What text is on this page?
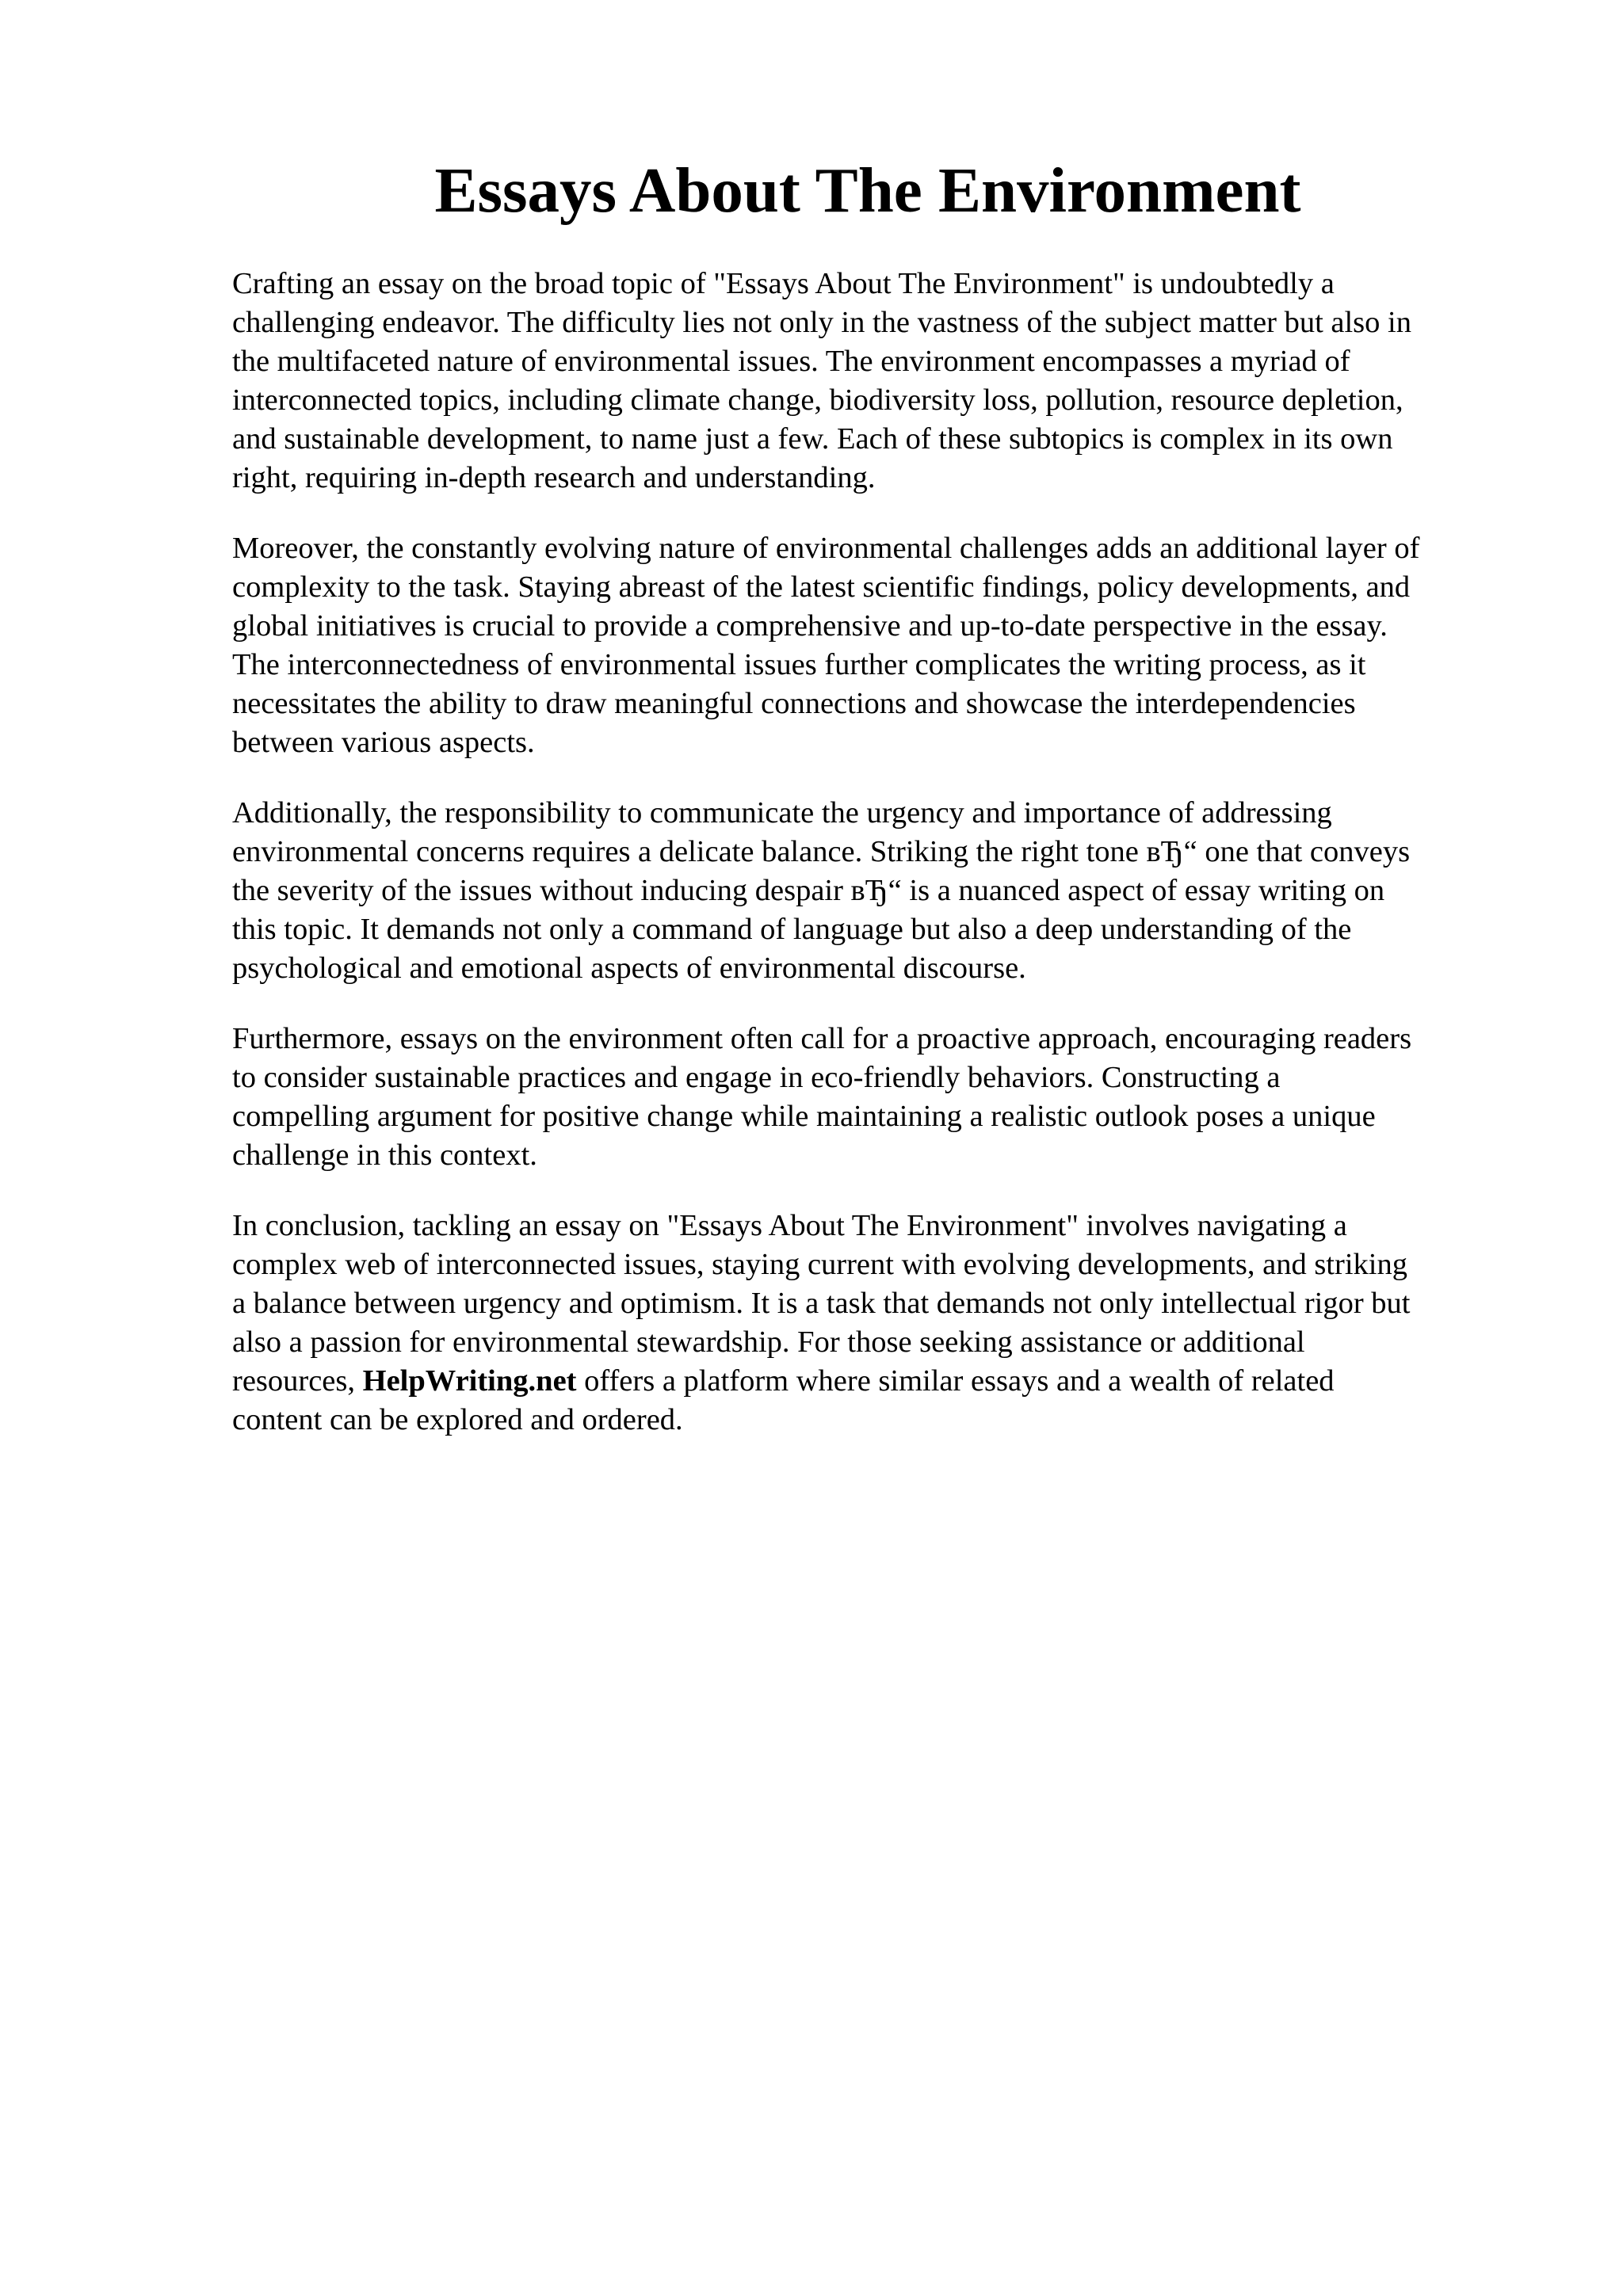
Essays About The Environment

Crafting an essay on the broad topic of "Essays About The Environment" is undoubtedly a
challenging endeavor. The difficulty lies not only in the vastness of the subject matter but also in
the multifaceted nature of environmental issues. The environment encompasses a myriad of
interconnected topics, including climate change, biodiversity loss, pollution, resource depletion,
and sustainable development, to name just a few. Each of these subtopics is complex in its own
right, requiring in-depth research and understanding.

Moreover, the constantly evolving nature of environmental challenges adds an additional layer of
complexity to the task. Staying abreast of the latest scientific findings, policy developments, and
global initiatives is crucial to provide a comprehensive and up-to-date perspective in the essay.
The interconnectedness of environmental issues further complicates the writing process, as it
necessitates the ability to draw meaningful connections and showcase the interdependencies
between various aspects.

Additionally, the responsibility to communicate the urgency and importance of addressing
environmental concerns requires a delicate balance. Striking the right tone вЂ“ one that conveys
the severity of the issues without inducing despair вЂ“ is a nuanced aspect of essay writing on
this topic. It demands not only a command of language but also a deep understanding of the
psychological and emotional aspects of environmental discourse.

Furthermore, essays on the environment often call for a proactive approach, encouraging readers
to consider sustainable practices and engage in eco-friendly behaviors. Constructing a
compelling argument for positive change while maintaining a realistic outlook poses a unique
challenge in this context.

In conclusion, tackling an essay on "Essays About The Environment" involves navigating a
complex web of interconnected issues, staying current with evolving developments, and striking
a balance between urgency and optimism. It is a task that demands not only intellectual rigor but
also a passion for environmental stewardship. For those seeking assistance or additional
resources, HelpWriting.net offers a platform where similar essays and a wealth of related
content can be explored and ordered.
